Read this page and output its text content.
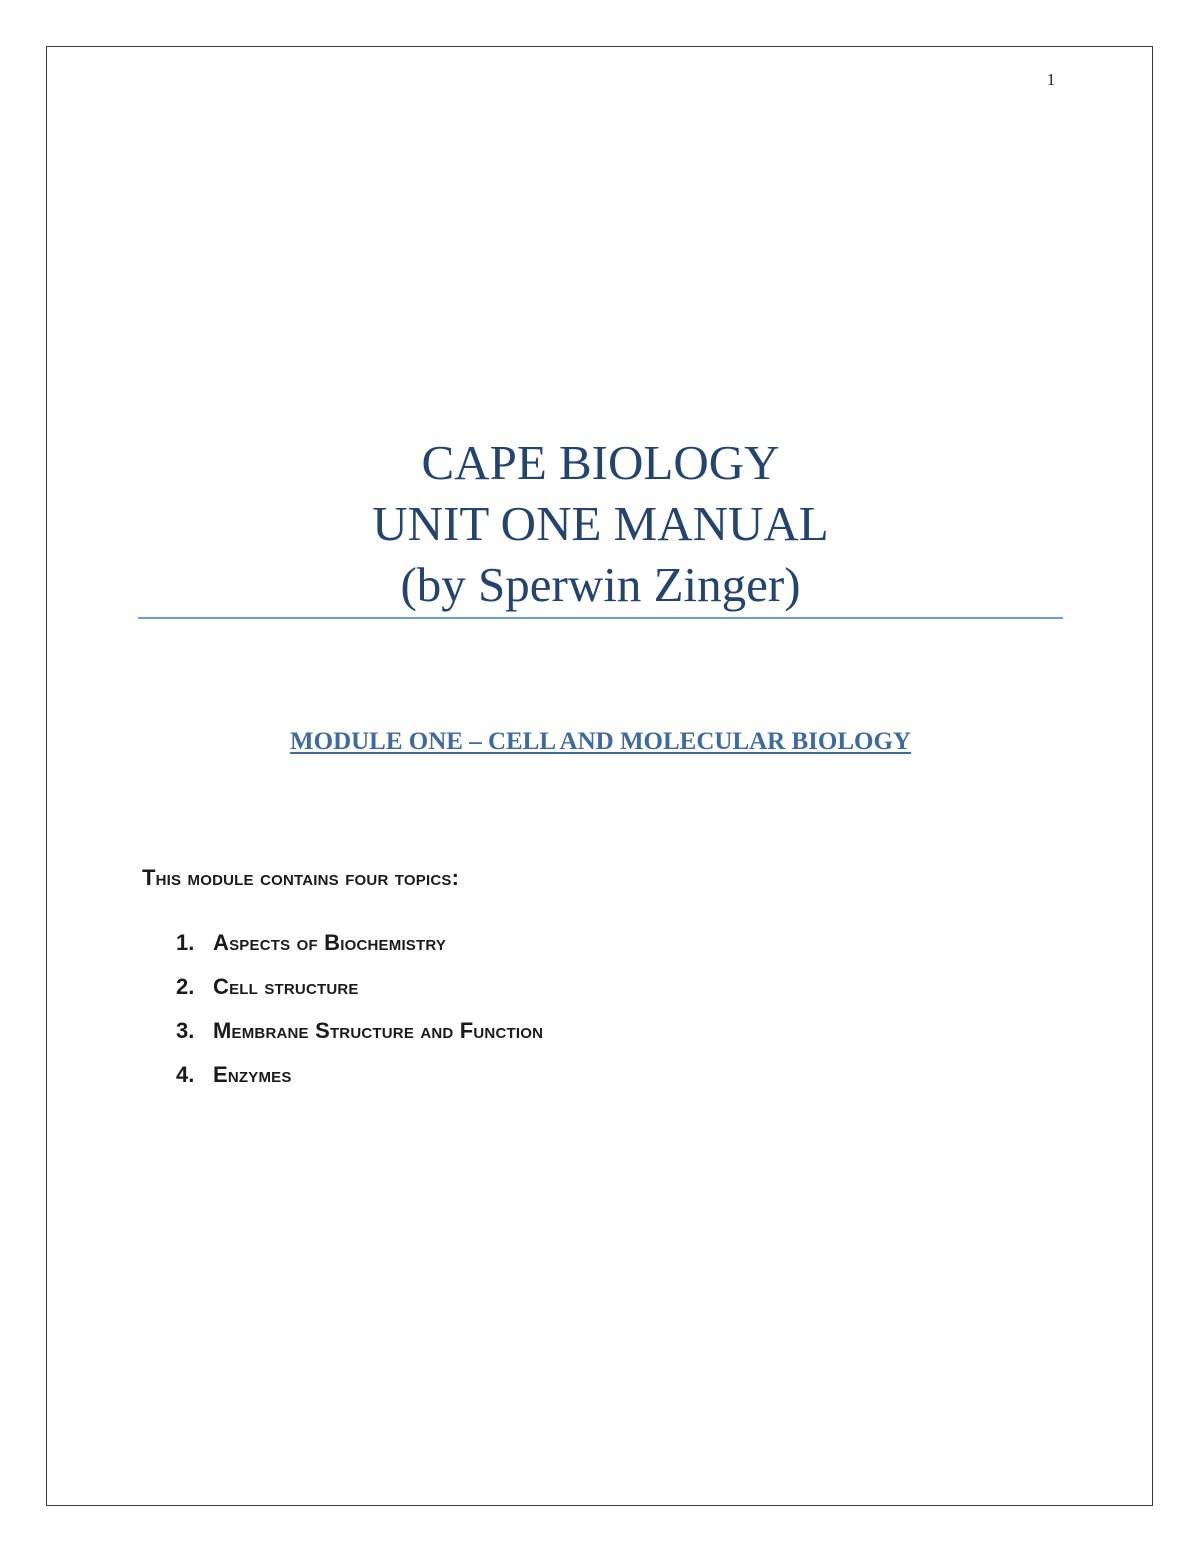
1
CAPE BIOLOGY
UNIT ONE MANUAL
(by Sperwin Zinger)
MODULE ONE – CELL AND MOLECULAR BIOLOGY
This module contains four topics:
1. Aspects of Biochemistry
2. Cell structure
3. Membrane Structure and Function
4. Enzymes
